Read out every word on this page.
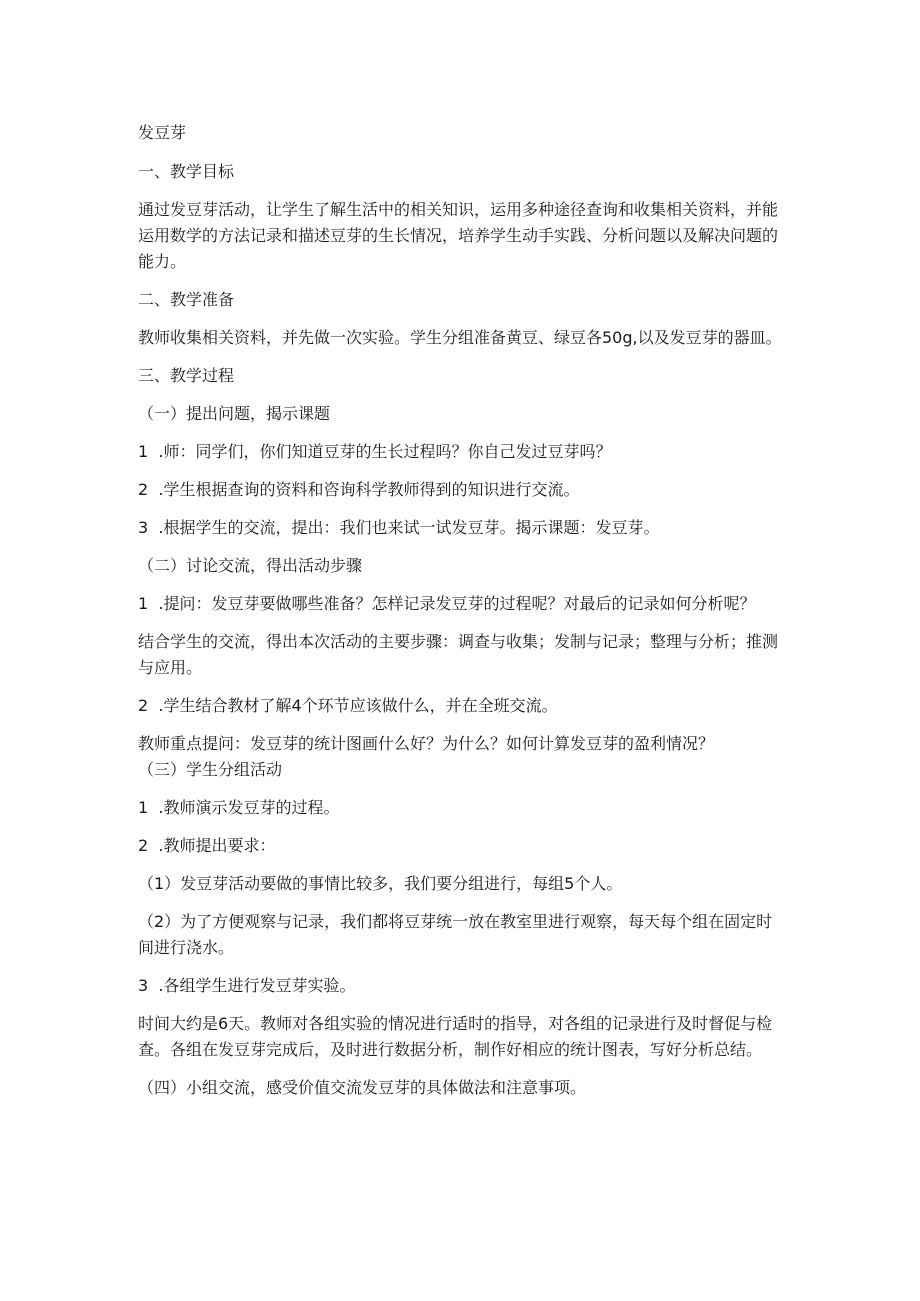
发豆芽
一、教学目标
通过发豆芽活动，让学生了解生活中的相关知识，运用多种途径查询和收集相关资料，并能运用数学的方法记录和描述豆芽的生长情况，培养学生动手实践、分析问题以及解决问题的能力。
二、教学准备
教师收集相关资料，并先做一次实验。学生分组准备黄豆、绿豆各50g,以及发豆芽的器皿。
三、教学过程
（一）提出问题，揭示课题
1  .师：同学们，你们知道豆芽的生长过程吗？你自己发过豆芽吗？
2  .学生根据查询的资料和咨询科学教师得到的知识进行交流。
3  .根据学生的交流，提出：我们也来试一试发豆芽。揭示课题：发豆芽。
（二）讨论交流，得出活动步骤
1  .提问：发豆芽要做哪些准备？怎样记录发豆芽的过程呢？对最后的记录如何分析呢？
结合学生的交流，得出本次活动的主要步骤：调查与收集；发制与记录；整理与分析；推测与应用。
2  .学生结合教材了解4个环节应该做什么，并在全班交流。
教师重点提问：发豆芽的统计图画什么好？为什么？如何计算发豆芽的盈利情况？
（三）学生分组活动
1  .教师演示发豆芽的过程。
2  .教师提出要求：
（1）发豆芽活动要做的事情比较多，我们要分组进行，每组5个人。
（2）为了方便观察与记录，我们都将豆芽统一放在教室里进行观察，每天每个组在固定时间进行浇水。
3  .各组学生进行发豆芽实验。
时间大约是6天。教师对各组实验的情况进行适时的指导，对各组的记录进行及时督促与检查。各组在发豆芽完成后，及时进行数据分析，制作好相应的统计图表，写好分析总结。
（四）小组交流，感受价值交流发豆芽的具体做法和注意事项。
